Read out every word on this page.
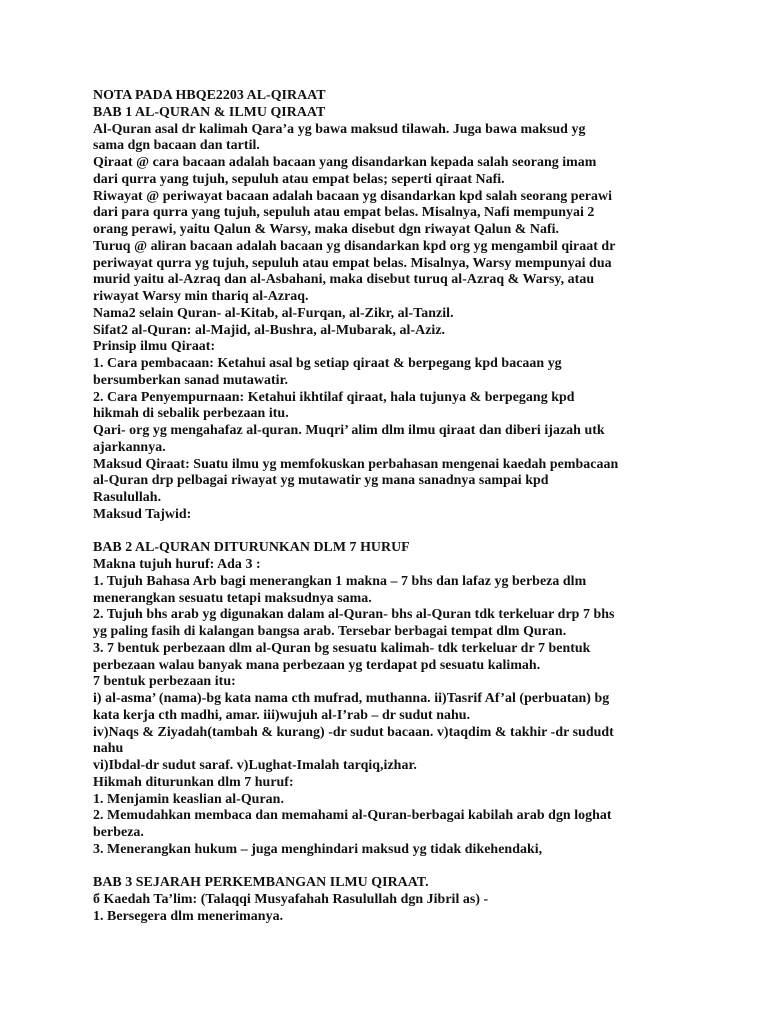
NOTA PADA HBQE2203 AL-QIRAAT
BAB 1 AL-QURAN & ILMU QIRAAT
Al-Quran asal dr kalimah Qara’a yg bawa maksud tilawah. Juga bawa maksud yg
sama dgn bacaan dan tartil.
Qiraat @ cara bacaan adalah bacaan yang disandarkan kepada salah seorang imam
dari qurra yang tujuh, sepuluh atau empat belas; seperti qiraat Nafi.
Riwayat @ periwayat bacaan adalah bacaan yg disandarkan kpd salah seorang perawi
dari para qurra yang tujuh, sepuluh atau empat belas. Misalnya, Nafi mempunyai 2
orang perawi, yaitu Qalun & Warsy, maka disebut dgn riwayat Qalun & Nafi.
Turuq @ aliran bacaan adalah bacaan yg disandarkan kpd org yg mengambil qiraat dr
periwayat qurra yg tujuh, sepuluh atau empat belas. Misalnya, Warsy mempunyai dua
murid yaitu al-Azraq dan al-Asbahani, maka disebut turuq al-Azraq & Warsy, atau
riwayat Warsy min thariq al-Azraq.
Nama2 selain Quran- al-Kitab, al-Furqan, al-Zikr, al-Tanzil.
Sifat2 al-Quran: al-Majid, al-Bushra, al-Mubarak, al-Aziz.
Prinsip ilmu Qiraat:
1. Cara pembacaan: Ketahui asal bg setiap qiraat & berpegang kpd bacaan yg
bersumberkan sanad mutawatir.
2. Cara Penyempurnaan: Ketahui ikhtilaf qiraat, hala tujunya & berpegang kpd
hikmah di sebalik perbezaan itu.
Qari- org yg mengahafaz al-quran. Muqri’ alim dlm ilmu qiraat dan diberi ijazah utk
ajarkannya.
Maksud Qiraat: Suatu ilmu yg memfokuskan perbahasan mengenai kaedah pembacaan
al-Quran drp pelbagai riwayat yg mutawatir yg mana sanadnya sampai kpd
Rasulullah.
Maksud Tajwid:
BAB 2 AL-QURAN DITURUNKAN DLM 7 HURUF
Makna tujuh huruf: Ada 3 :
1. Tujuh Bahasa Arb bagi menerangkan 1 makna – 7 bhs dan lafaz yg berbeza dlm
menerangkan sesuatu tetapi maksudnya sama.
2. Tujuh bhs arab yg digunakan dalam al-Quran- bhs al-Quran tdk terkeluar drp 7 bhs
yg paling fasih di kalangan bangsa arab. Tersebar berbagai tempat dlm Quran.
3. 7 bentuk perbezaan dlm al-Quran bg sesuatu kalimah- tdk terkeluar dr 7 bentuk
perbezaan walau banyak mana perbezaan yg terdapat pd sesuatu kalimah.
7 bentuk perbezaan itu:
i) al-asma’ (nama)-bg kata nama cth mufrad, muthanna. ii)Tasrif Af’al (perbuatan) bg
kata kerja cth madhi, amar. iii)wujuh al-I’rab – dr sudut nahu.
iv)Naqs & Ziyadah(tambah & kurang) -dr sudut bacaan. v)taqdim & takhir -dr sududt
nahu
vi)Ibdal-dr sudut saraf. v)Lughat-Imalah tarqiq,izhar.
Hikmah diturunkan dlm 7 huruf:
1. Menjamin keaslian al-Quran.
2. Memudahkan membaca dan memahami al-Quran-berbagai kabilah arab dgn loghat
berbeza.
3. Menerangkan hukum – juga menghindari maksud yg tidak dikehendaki,
BAB 3 SEJARAH PERKEMBANGAN ILMU QIRAAT.
б Kaedah Ta’lim: (Talaqqi Musyafahah Rasulullah dgn Jibril as) -
1. Bersegera dlm menerimanya.
